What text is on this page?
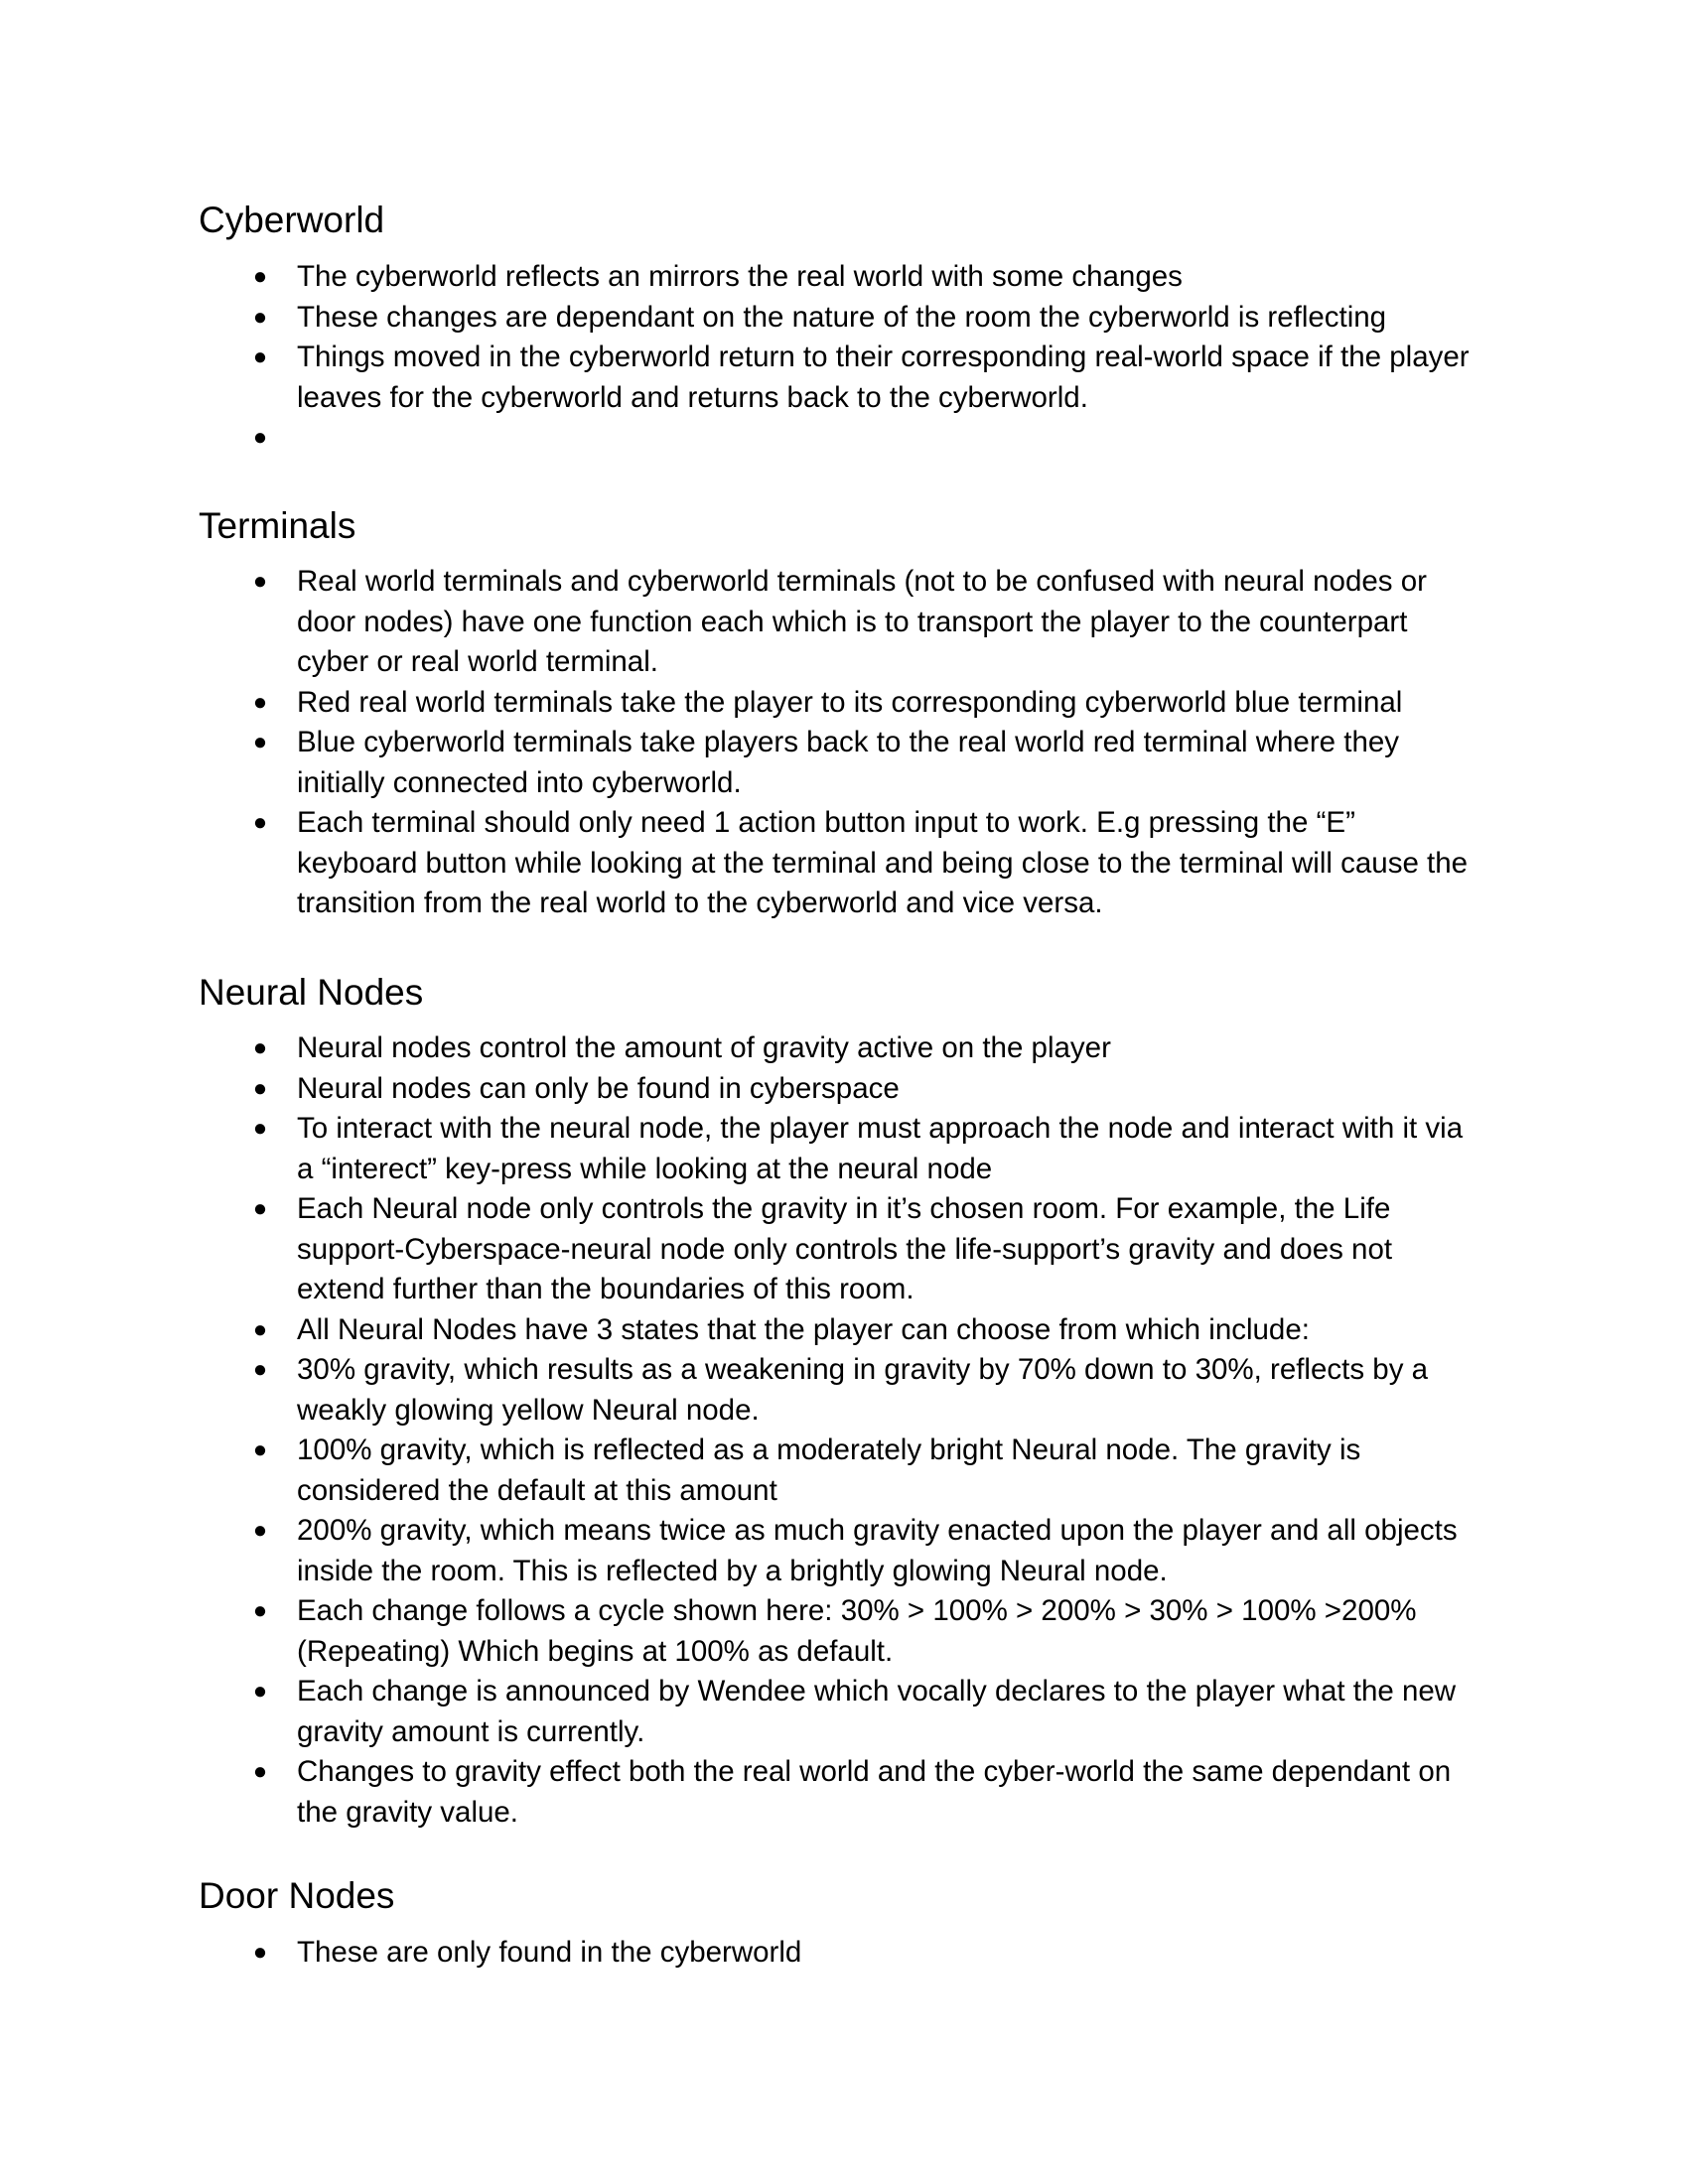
Cyberworld
● The cyberworld reflects an mirrors the real world with some changes
● These changes are dependant on the nature of the room the cyberworld is reflecting
● Things moved in the cyberworld return to their corresponding real-world space if the player leaves for the cyberworld and returns back to the cyberworld.
●
Terminals
● Real world terminals and cyberworld terminals (not to be confused with neural nodes or door nodes) have one function each which is to transport the player to the counterpart cyber or real world terminal.
● Red real world terminals take the player to its corresponding cyberworld blue terminal
● Blue cyberworld terminals take players back to the real world red terminal where they initially connected into cyberworld.
● Each terminal should only need 1 action button input to work. E.g pressing the “E” keyboard button while looking at the terminal and being close to the terminal will cause the transition from the real world to the cyberworld and vice versa.
Neural Nodes
● Neural nodes control the amount of gravity active on the player
● Neural nodes can only be found in cyberspace
● To interact with the neural node, the player must approach the node and interact with it via a “interect” key-press while looking at the neural node
● Each Neural node only controls the gravity in it’s chosen room. For example, the Life support-Cyberspace-neural node only controls the life-support’s gravity and does not extend further than the boundaries of this room.
● All Neural Nodes have 3 states that the player can choose from which include:
● 30% gravity, which results as a weakening in gravity by 70% down to 30%, reflects by a weakly glowing yellow Neural node.
● 100% gravity, which is reflected as a moderately bright Neural node. The gravity is considered the default at this amount
● 200% gravity, which means twice as much gravity enacted upon the player and all objects inside the room. This is reflected by a brightly glowing Neural node.
● Each change follows a cycle shown here: 30% > 100% > 200% > 30% > 100% >200% (Repeating) Which begins at 100% as default.
● Each change is announced by Wendee which vocally declares to the player what the new gravity amount is currently.
● Changes to gravity effect both the real world and the cyber-world the same dependant on the gravity value.
Door Nodes
● These are only found in the cyberworld
